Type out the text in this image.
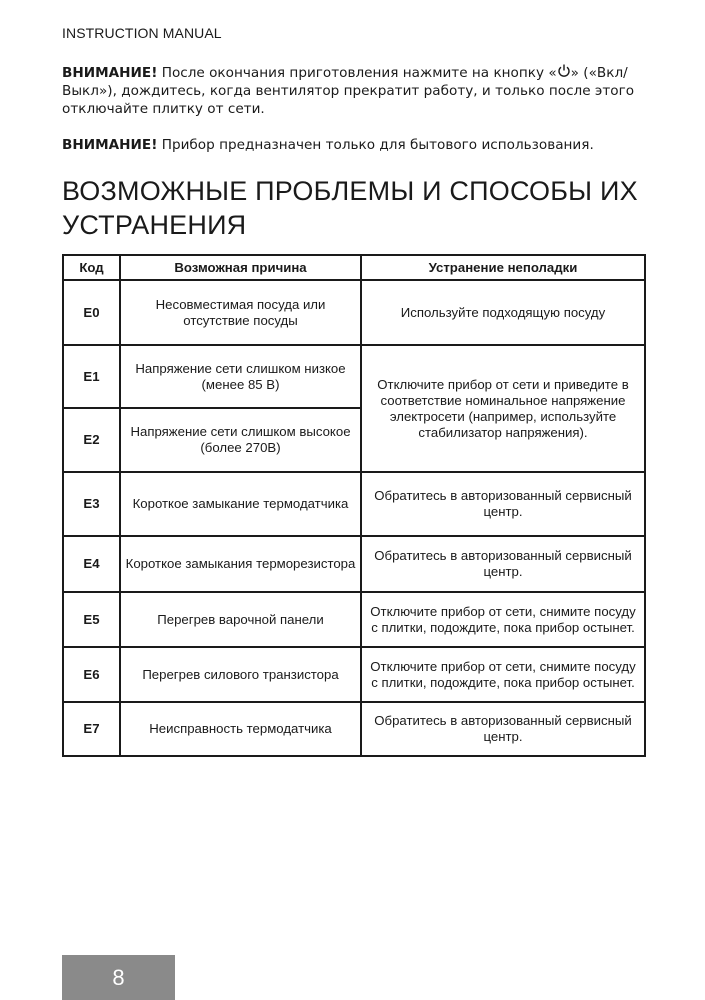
INSTRUCTION MANUAL
ВНИМАНИЕ! После окончания приготовления нажмите на кнопку « » («Вкл/ Выкл»), дождитесь, когда вентилятор прекратит работу, и только после этого отключайте плитку от сети.
ВНИМАНИЕ! Прибор предназначен только для бытового использования.
ВОЗМОЖНЫЕ ПРОБЛЕМЫ И СПОСОБЫ ИХ УСТРАНЕНИЯ
Код	Возможная причина	Устранение неполадки
E0	Несовместимая посуда или отсутствие посуды	Используйте подходящую посуду
E1	Напряжение сети слишком низкое (менее 85 В)	Отключите прибор от сети и приведите в соответствие номинальное напряжение электросети (например, используйте стабилизатор напряжения).
E2	Напряжение сети слишком высокое (более 270В)	
E3	Короткое замыкание термодатчика	Обратитесь в авторизованный сервисный центр.
E4	Короткое замыкания терморезистора	Обратитесь в авторизованный сервисный центр.
E5	Перегрев варочной панели	Отключите прибор от сети, снимите посуду с плитки, подождите, пока прибор остынет.
E6	Перегрев силового транзистора	Отключите прибор от сети, снимите посуду с плитки, подождите, пока прибор остынет.
E7	Неисправность термодатчика	Обратитесь в авторизованный сервисный центр.
8
